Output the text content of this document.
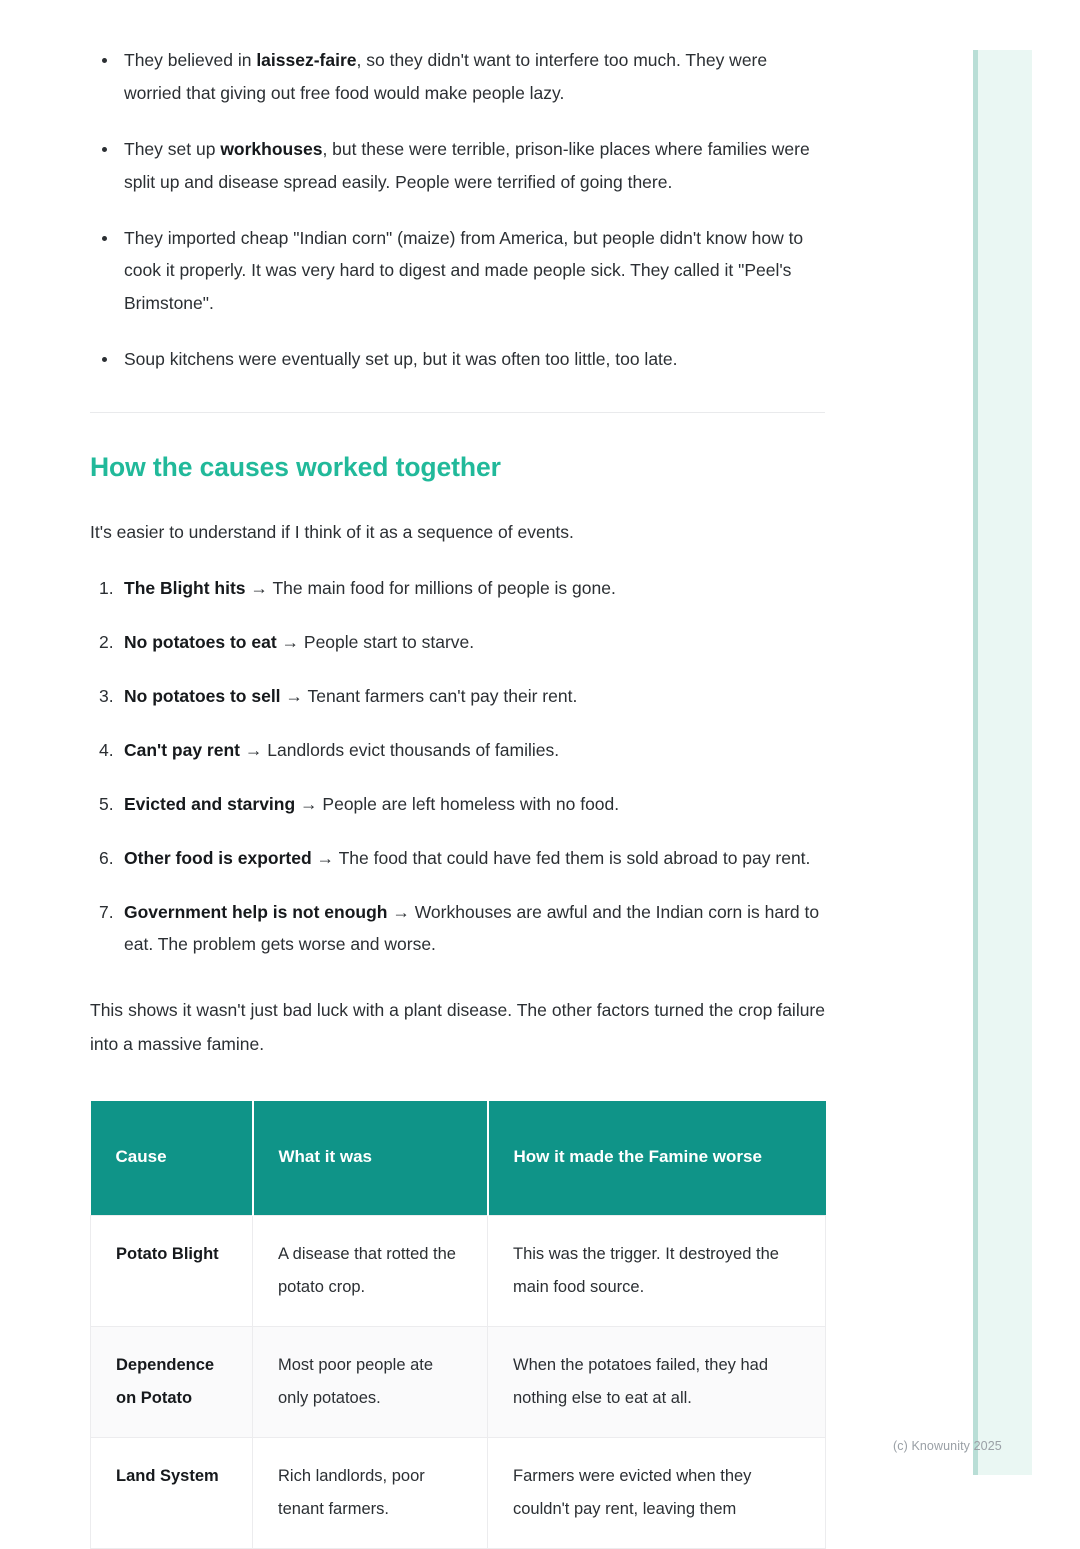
They believed in laissez-faire, so they didn't want to interfere too much. They were worried that giving out free food would make people lazy.
They set up workhouses, but these were terrible, prison-like places where families were split up and disease spread easily. People were terrified of going there.
They imported cheap "Indian corn" (maize) from America, but people didn't know how to cook it properly. It was very hard to digest and made people sick. They called it "Peel's Brimstone".
Soup kitchens were eventually set up, but it was often too little, too late.
How the causes worked together

It's easier to understand if I think of it as a sequence of events.

The Blight hits → The main food for millions of people is gone.
No potatoes to eat → People start to starve.
No potatoes to sell → Tenant farmers can't pay their rent.
Can't pay rent → Landlords evict thousands of families.
Evicted and starving → People are left homeless with no food.
Other food is exported → The food that could have fed them is sold abroad to pay rent.
Government help is not enough → Workhouses are awful and the Indian corn is hard to eat. The problem gets worse and worse.

This shows it wasn't just bad luck with a plant disease. The other factors turned the crop failure into a massive famine.

Cause	What it was	How it made the Famine worse
Potato Blight	A disease that rotted the potato crop.	This was the trigger. It destroyed the main food source.
Dependence on Potato	Most poor people ate only potatoes.	When the potatoes failed, they had nothing else to eat at all.
Land System	Rich landlords, poor tenant farmers.	Farmers were evicted when they couldn't pay rent, leaving them
(c) Knowunity 2025
